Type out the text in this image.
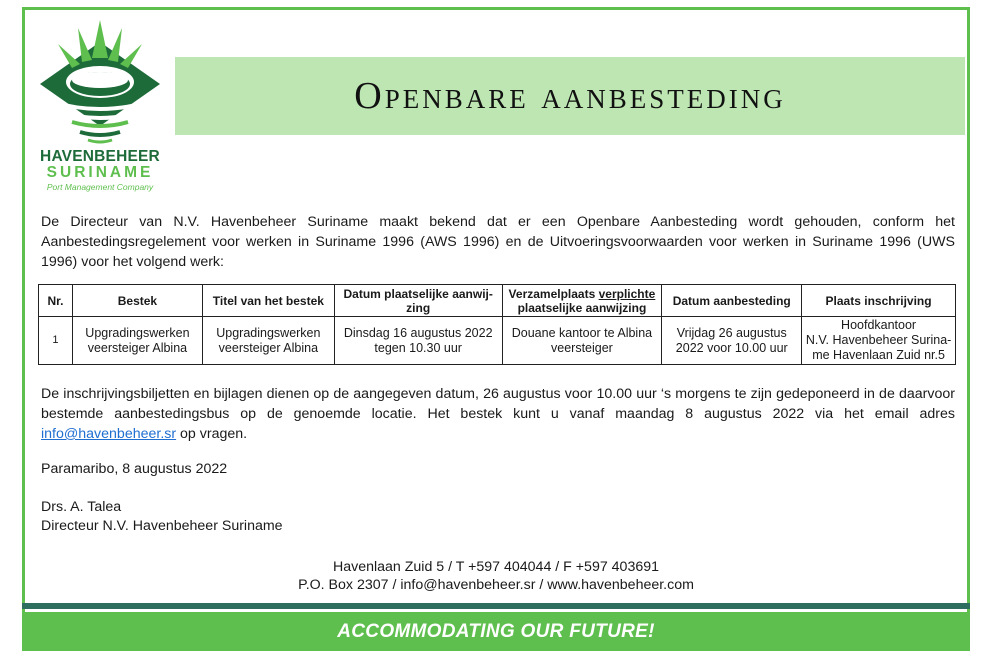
HAVENBEHEER
SURINAME
Port Management Company
Openbare aanbesteding

De Directeur van N.V. Havenbeheer Suriname maakt bekend dat er een Openbare Aanbesteding wordt gehouden, conform het Aanbestedingsregelement voor werken in Suriname 1996 (AWS 1996) en de Uitvoeringsvoorwaarden voor werken in Suriname 1996 (UWS 1996) voor het volgend werk:

Nr.	Bestek	Titel van het bestek	Datum plaatselijke aanwij-zing	Verzamelplaats verplichte
plaatselijke aanwijzing	Datum aanbesteding	Plaats inschrijving
1	Upgradingswerken veersteiger Albina	Upgradingswerken veersteiger Albina	Dinsdag 16 augustus 2022 tegen 10.30 uur	Douane kantoor te Albina veersteiger	Vrijdag 26 augustus 2022 voor 10.00 uur	Hoofdkantoor
N.V. Havenbeheer Surina-me Havenlaan Zuid nr.5

De inschrijvingsbiljetten en bijlagen dienen op de aangegeven datum, 26 augustus voor 10.00 uur ‘s morgens te zijn gedeponeerd in de daarvoor bestemde aanbestedingsbus op de genoemde locatie. Het bestek kunt u vanaf maandag 8 augustus 2022 via het email adres info@havenbeheer.sr op vragen.

Paramaribo, 8 augustus 2022
Drs. A. Talea
Directeur N.V. Havenbeheer Suriname
Havenlaan Zuid 5 / T +597 404044 / F +597 403691
P.O. Box 2307 / info@havenbeheer.sr / www.havenbeheer.com
ACCOMMODATING OUR FUTURE!
